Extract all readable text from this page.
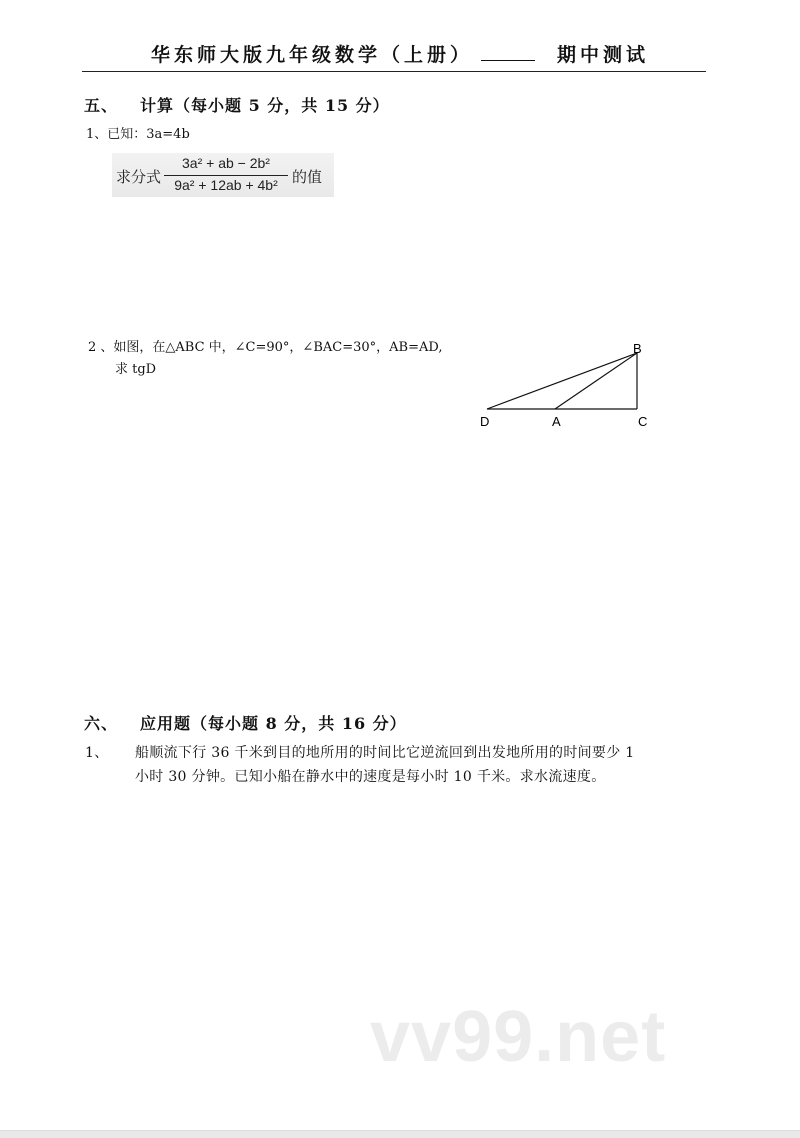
华东师大版九年级数学（上册）	期中测试
五、 计算（每小题 5 分，共 15 分）
1、已知：3a=4b
求分式
3a² + ab − 2b²
9a² + 12ab + 4b² 的值
2 、如图，在△ABC 中，∠C=90°，∠BAC=30°，AB=AD,
求 tgD
B
D	A	C
六、 应用题（每小题 8 分，共 16 分）
1、 船顺流下行 36 千米到目的地所用的时间比它逆流回到出发地所用的时间要少 1
小时 30 分钟。已知小船在静水中的速度是每小时 10 千米。求水流速度。
vv99.net
